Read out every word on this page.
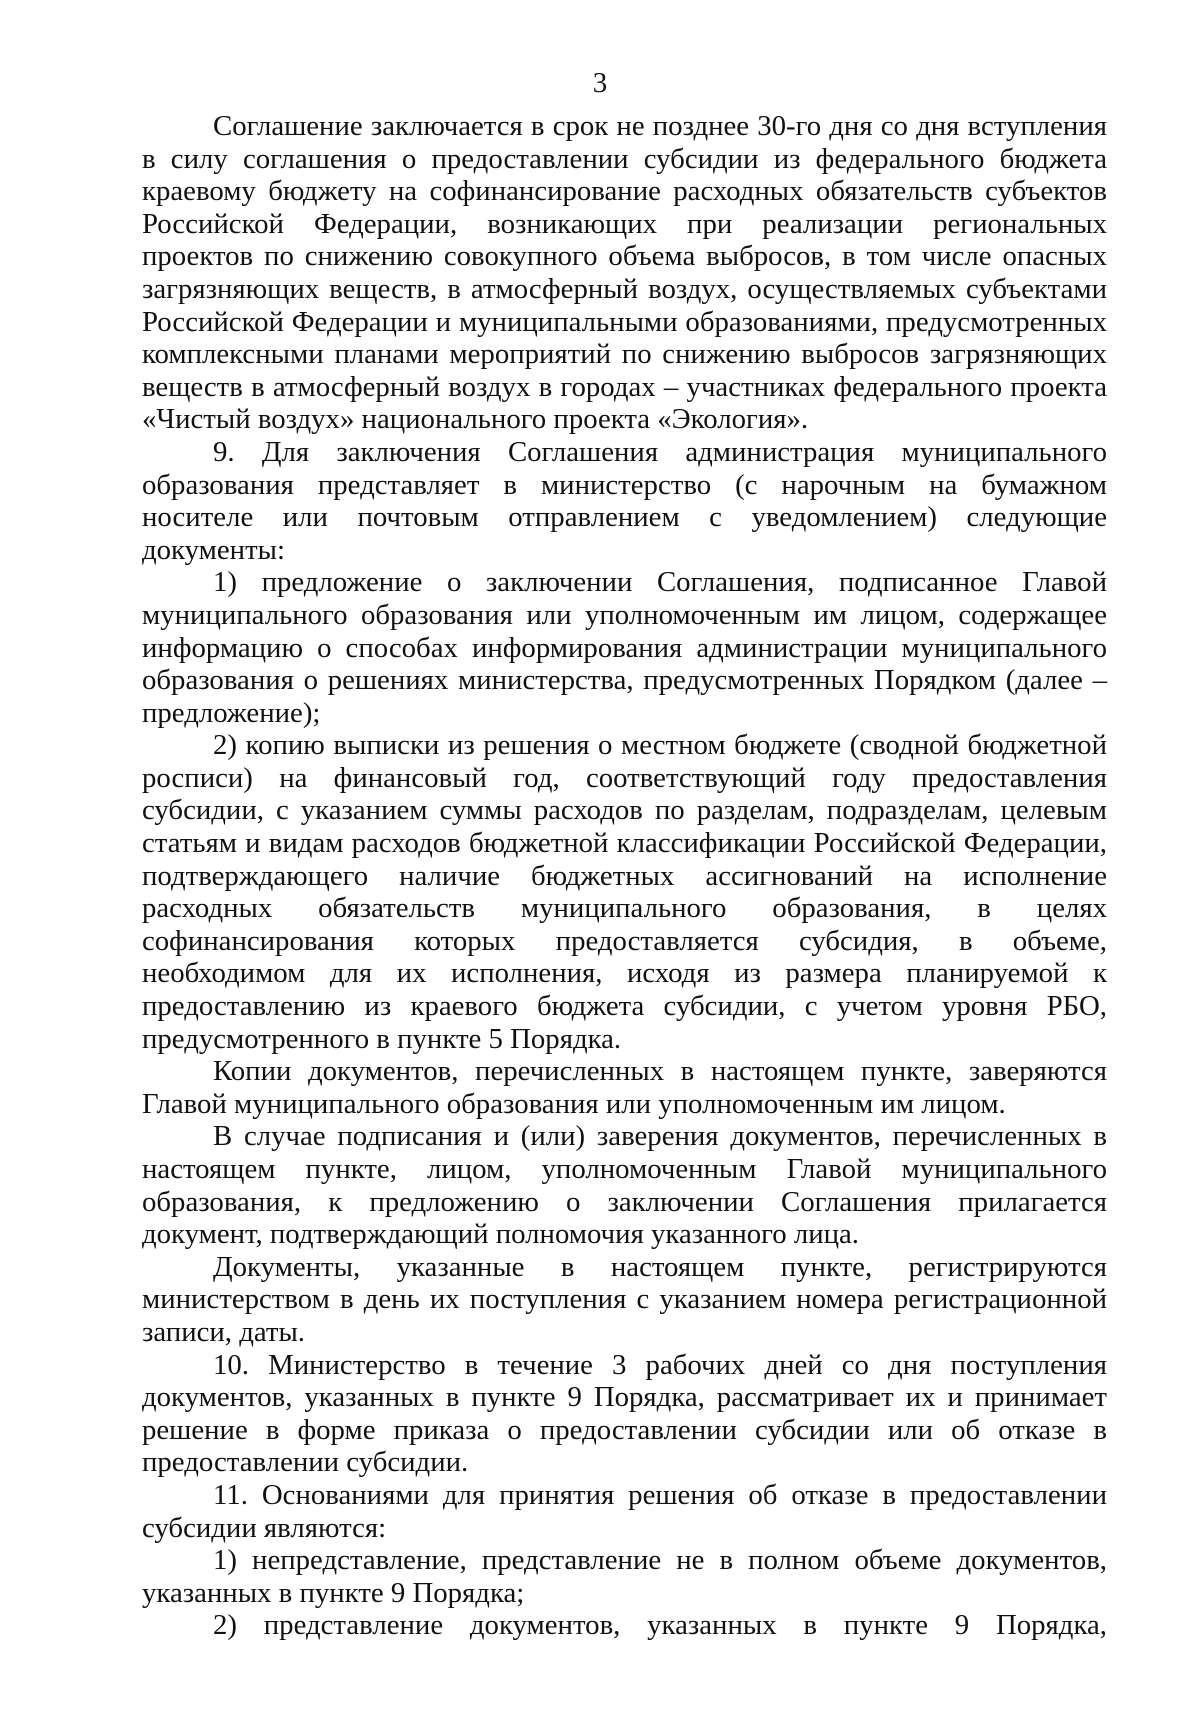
3

Соглашение заключается в срок не позднее 30-го дня со дня вступления в силу соглашения о предоставлении субсидии из федерального бюджета краевому бюджету на софинансирование расходных обязательств субъектов Российской Федерации, возникающих при реализации региональных проектов по снижению совокупного объема выбросов, в том числе опасных загрязняющих веществ, в атмосферный воздух, осуществляемых субъектами Российской Федерации и муниципальными образованиями, предусмотренных комплексными планами мероприятий по снижению выбросов загрязняющих веществ в атмосферный воздух в городах – участниках федерального проекта «Чистый воздух» национального проекта «Экология».

9. Для заключения Соглашения администрация муниципального образования представляет в министерство (с нарочным на бумажном носителе или почтовым отправлением с уведомлением) следующие документы:

1) предложение о заключении Соглашения, подписанное Главой муниципального образования или уполномоченным им лицом, содержащее информацию о способах информирования администрации муниципального образования о решениях министерства, предусмотренных Порядком (далее – предложение);

2) копию выписки из решения о местном бюджете (сводной бюджетной росписи) на финансовый год, соответствующий году предоставления субсидии, с указанием суммы расходов по разделам, подразделам, целевым статьям и видам расходов бюджетной классификации Российской Федерации, подтверждающего наличие бюджетных ассигнований на исполнение расходных обязательств муниципального образования, в целях софинансирования которых предоставляется субсидия, в объеме, необходимом для их исполнения, исходя из размера планируемой к предоставлению из краевого бюджета субсидии, с учетом уровня РБО, предусмотренного в пункте 5 Порядка.

Копии документов, перечисленных в настоящем пункте, заверяются Главой муниципального образования или уполномоченным им лицом.

В случае подписания и (или) заверения документов, перечисленных в настоящем пункте, лицом, уполномоченным Главой муниципального образования, к предложению о заключении Соглашения прилагается документ, подтверждающий полномочия указанного лица.

Документы, указанные в настоящем пункте, регистрируются министерством в день их поступления с указанием номера регистрационной записи, даты.

10. Министерство в течение 3 рабочих дней со дня поступления документов, указанных в пункте 9 Порядка, рассматривает их и принимает решение в форме приказа о предоставлении субсидии или об отказе в предоставлении субсидии.

11. Основаниями для принятия решения об отказе в предоставлении субсидии являются:

1) непредставление, представление не в полном объеме документов, указанных в пункте 9 Порядка;

2) представление документов, указанных в пункте 9 Порядка,
